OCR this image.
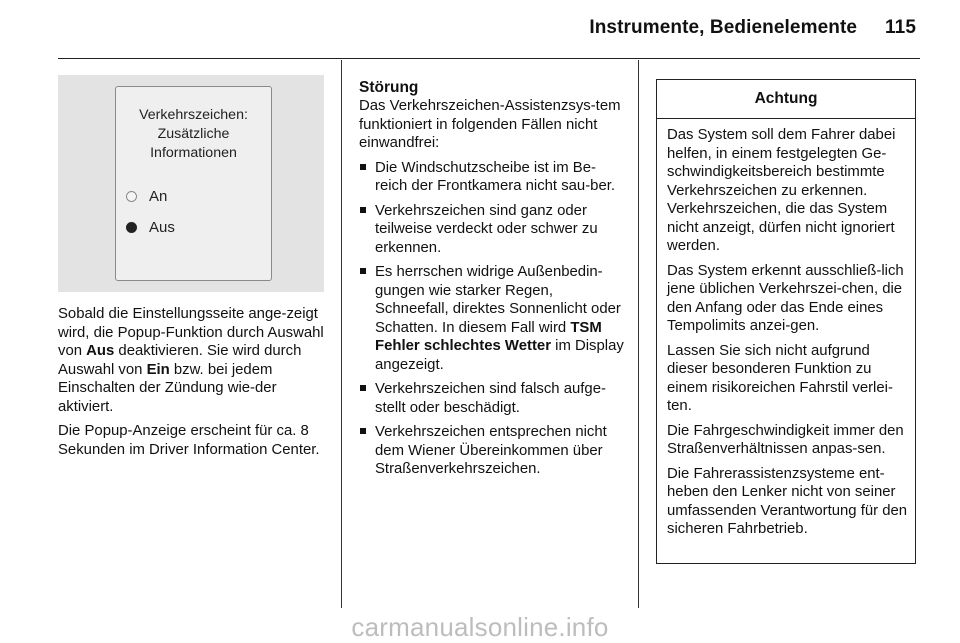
Instrumente, Bedienelemente 115
Verkehrszeichen:
Zusätzliche
Informationen
An
Aus

Sobald die Einstellungsseite ange-zeigt wird, die Popup-Funktion durch Auswahl von Aus deaktivieren. Sie wird durch Auswahl von Ein bzw. bei jedem Einschalten der Zündung wie-der aktiviert.

Die Popup-Anzeige erscheint für ca. 8 Sekunden im Driver Information Center.

Störung

Das Verkehrszeichen-Assistenzsys-tem funktioniert in folgenden Fällen nicht einwandfrei:

Die Windschutzscheibe ist im Be-reich der Frontkamera nicht sau-ber.
Verkehrszeichen sind ganz oder teilweise verdeckt oder schwer zu erkennen.
Es herrschen widrige Außenbedin-gungen wie starker Regen, Schneefall, direktes Sonnenlicht oder Schatten. In diesem Fall wird TSM Fehler schlechtes Wetter im Display angezeigt.
Verkehrszeichen sind falsch aufge-stellt oder beschädigt.
Verkehrszeichen entsprechen nicht dem Wiener Übereinkommen über Straßenverkehrszeichen.
Achtung

Das System soll dem Fahrer dabei helfen, in einem festgelegten Ge-schwindigkeitsbereich bestimmte Verkehrszeichen zu erkennen. Verkehrszeichen, die das System nicht anzeigt, dürfen nicht ignoriert werden.

Das System erkennt ausschließ-lich jene üblichen Verkehrszei-chen, die den Anfang oder das Ende eines Tempolimits anzei-gen.

Lassen Sie sich nicht aufgrund dieser besonderen Funktion zu einem risikoreichen Fahrstil verlei-ten.

Die Fahrgeschwindigkeit immer den Straßenverhältnissen anpas-sen.

Die Fahrerassistenzsysteme ent-heben den Lenker nicht von seiner umfassenden Verantwortung für den sicheren Fahrbetrieb.

carmanualsonline.info
